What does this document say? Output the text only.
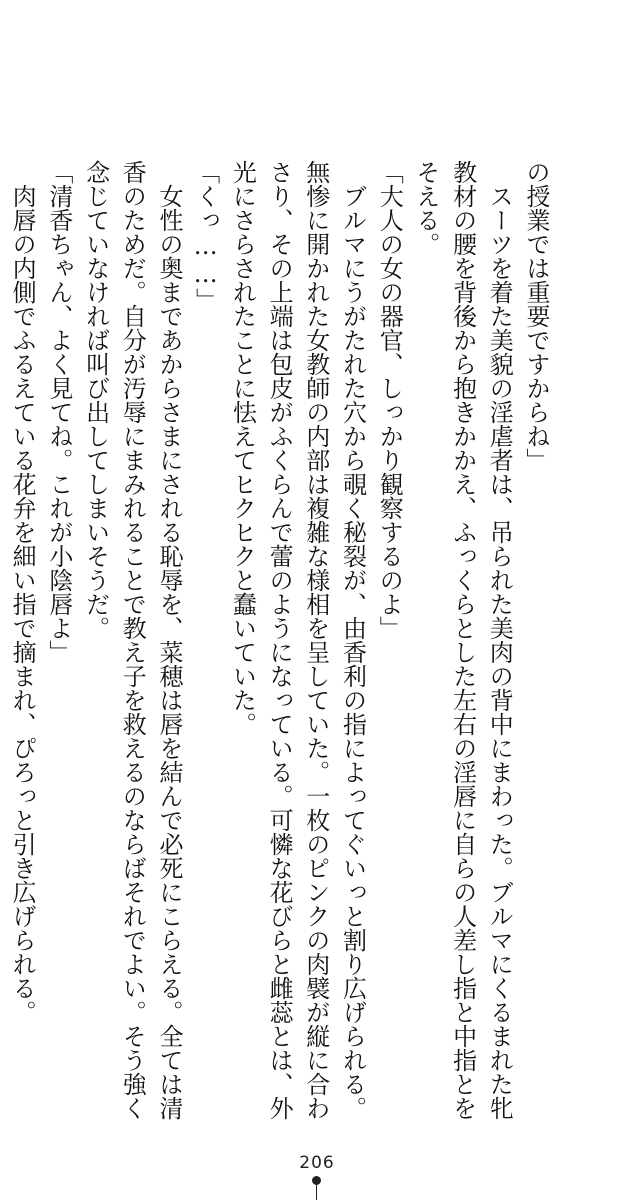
の授業では重要ですからね」
　スーツを着た美貌の淫虐者は、吊られた美肉の背中にまわった。ブルマにくるまれた牝
教材の腰を背後から抱きかかえ、ふっくらとした左右の淫唇に自らの人差し指と中指とを
そえる。
「大人の女の器官、しっかり観察するのよ」
　ブルマにうがたれた穴から覗く秘裂が、由香利の指によってぐいっと割り広げられる。
無惨に開かれた女教師の内部は複雑な様相を呈していた。一枚のピンクの肉襞が縦に合わ
さり、その上端は包皮がふくらんで蕾のようになっている。可憐な花びらと雌蕊とは、外
光にさらされたことに怯えてヒクヒクと蠢いていた。
「くっ……」
　女性の奥まであからさまにされる恥辱を、菜穂は唇を結んで必死にこらえる。全ては清
香のためだ。自分が汚辱にまみれることで教え子を救えるのならばそれでよい。そう強く
念じていなければ叫び出してしまいそうだ。
「清香ちゃん、よく見てね。これが小陰唇よ」
　肉唇の内側でふるえている花弁を細い指で摘まれ、ぴろっと引き広げられる。
206
